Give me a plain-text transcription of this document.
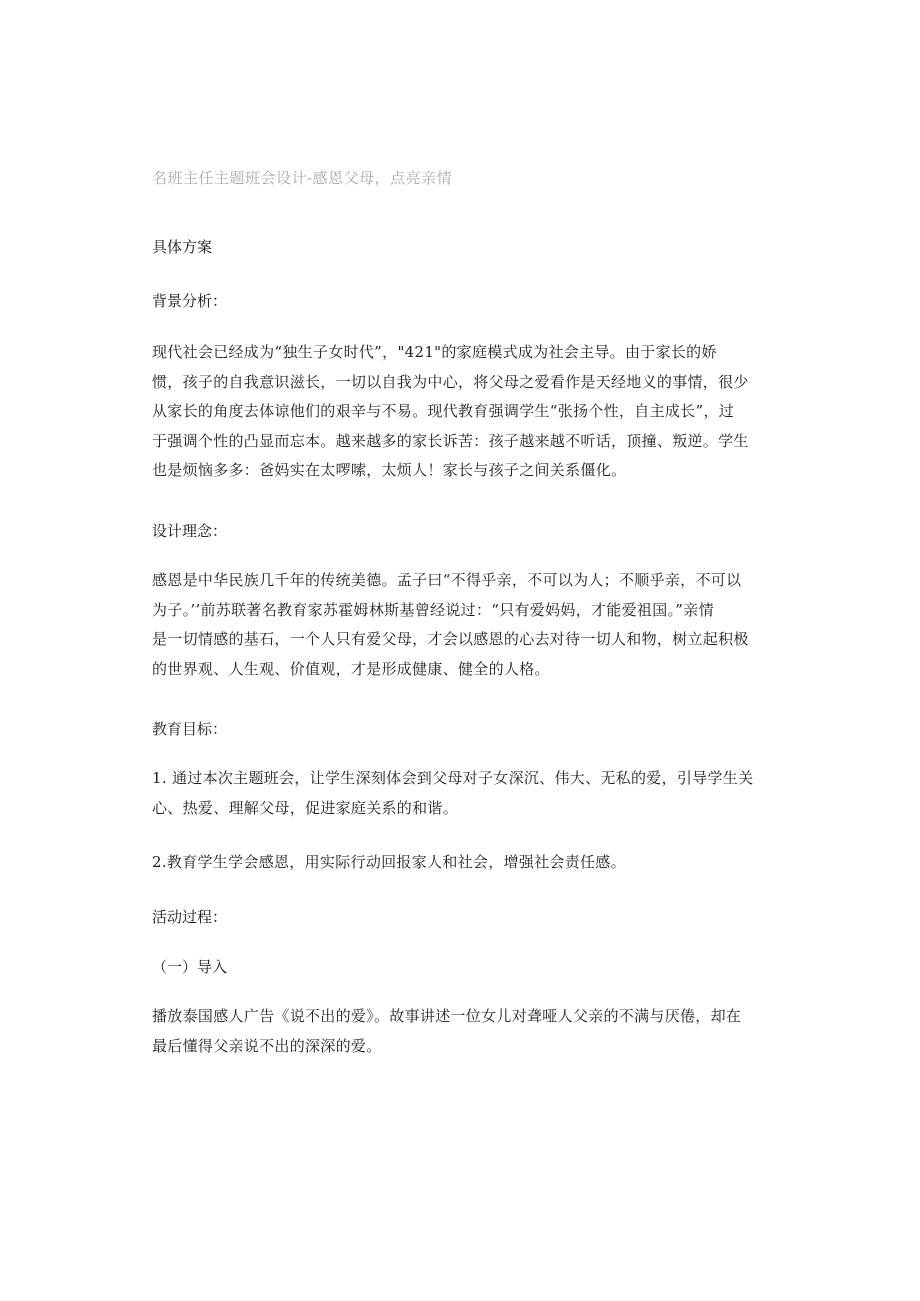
名班主任主题班会设计-感恩父母，点亮亲情
具体方案
背景分析：
现代社会已经成为“独生子女时代”，"421"的家庭模式成为社会主导。由于家长的娇
惯，孩子的自我意识滋长，一切以自我为中心，将父母之爱看作是天经地义的事情，很少
从家长的角度去体谅他们的艰辛与不易。现代教育强调学生“张扬个性，自主成长”，过
于强调个性的凸显而忘本。越来越多的家长诉苦：孩子越来越不听话，顶撞、叛逆。学生
也是烦恼多多：爸妈实在太啰嗦，太烦人！家长与孩子之间关系僵化。
设计理念：
感恩是中华民族几千年的传统美德。孟子曰“不得乎亲，不可以为人；不顺乎亲，不可以
为子。’’前苏联著名教育家苏霍姆林斯基曾经说过：“只有爱妈妈，才能爱祖国。”亲情
是一切情感的基石，一个人只有爱父母，才会以感恩的心去对待一切人和物，树立起积极
的世界观、人生观、价值观，才是形成健康、健全的人格。
教育目标：
1. 通过本次主题班会，让学生深刻体会到父母对子女深沉、伟大、无私的爱，引导学生关
心、热爱、理解父母，促进家庭关系的和谐。
2.教育学生学会感恩，用实际行动回报家人和社会，增强社会责任感。
活动过程：
（一）导入
播放泰国感人广告《说不出的爱》。故事讲述一位女儿对聋哑人父亲的不满与厌倦，却在
最后懂得父亲说不出的深深的爱。
